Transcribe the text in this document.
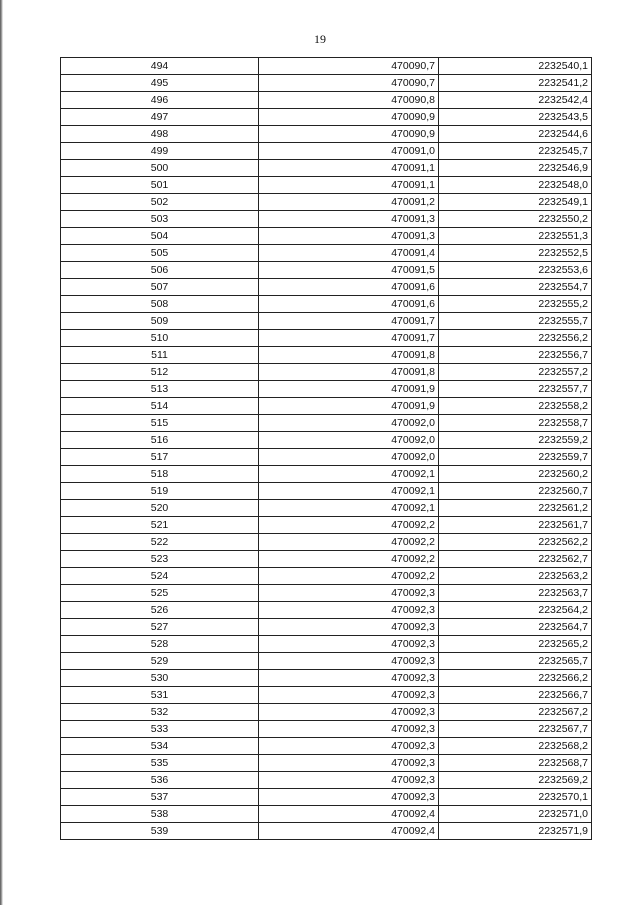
19
494	470090,7	2232540,1
495	470090,7	2232541,2
496	470090,8	2232542,4
497	470090,9	2232543,5
498	470090,9	2232544,6
499	470091,0	2232545,7
500	470091,1	2232546,9
501	470091,1	2232548,0
502	470091,2	2232549,1
503	470091,3	2232550,2
504	470091,3	2232551,3
505	470091,4	2232552,5
506	470091,5	2232553,6
507	470091,6	2232554,7
508	470091,6	2232555,2
509	470091,7	2232555,7
510	470091,7	2232556,2
511	470091,8	2232556,7
512	470091,8	2232557,2
513	470091,9	2232557,7
514	470091,9	2232558,2
515	470092,0	2232558,7
516	470092,0	2232559,2
517	470092,0	2232559,7
518	470092,1	2232560,2
519	470092,1	2232560,7
520	470092,1	2232561,2
521	470092,2	2232561,7
522	470092,2	2232562,2
523	470092,2	2232562,7
524	470092,2	2232563,2
525	470092,3	2232563,7
526	470092,3	2232564,2
527	470092,3	2232564,7
528	470092,3	2232565,2
529	470092,3	2232565,7
530	470092,3	2232566,2
531	470092,3	2232566,7
532	470092,3	2232567,2
533	470092,3	2232567,7
534	470092,3	2232568,2
535	470092,3	2232568,7
536	470092,3	2232569,2
537	470092,3	2232570,1
538	470092,4	2232571,0
539	470092,4	2232571,9
